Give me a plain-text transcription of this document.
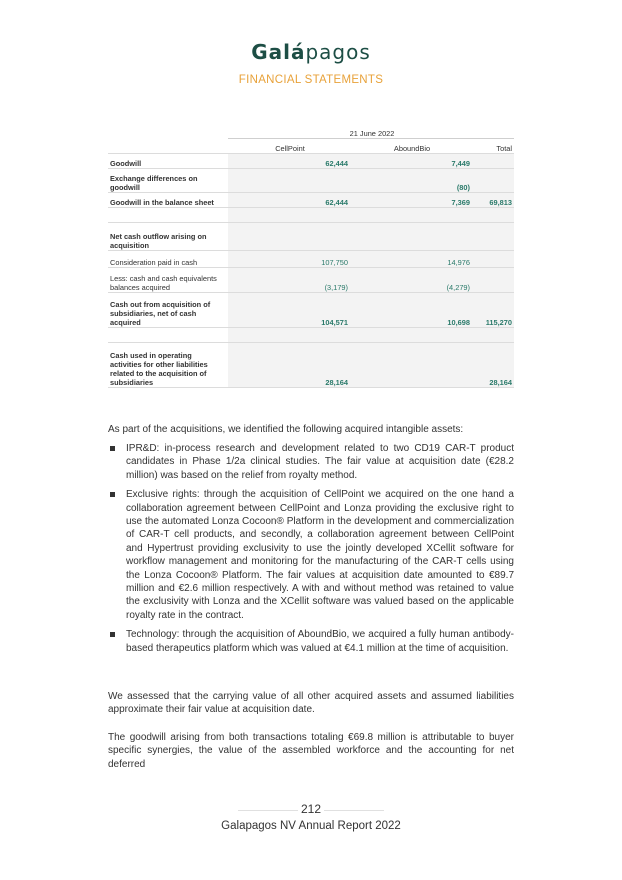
Galápagos
FINANCIAL STATEMENTS
	21 June 2022		
	CellPoint	AboundBio	Total
Goodwill	62,444	7,449	
Exchange differences on
goodwill		(80)	
Goodwill in the balance sheet	62,444	7,369	69,813

Net cash outflow arising on
acquisition			
Consideration paid in cash	107,750	14,976	
Less: cash and cash equivalents
balances acquired	(3,179)	(4,279)	
Cash out from acquisition of
subsidiaries, net of cash
acquired	104,571	10,698	115,270

Cash used in operating
activities for other liabilities
related to the acquisition of
subsidiaries	28,164		28,164

As part of the acquisitions, we identified the following acquired intangible assets:

IPR&D: in-process research and development related to two CD19 CAR-T product candidates in Phase 1/2a clinical studies. The fair value at acquisition date (€28.2 million) was based on the relief from royalty method.
Exclusive rights: through the acquisition of CellPoint we acquired on the one hand a collaboration agreement between CellPoint and Lonza providing the exclusive right to use the automated Lonza Cocoon® Platform in the development and commercialization of CAR-T cell products, and secondly, a collaboration agreement between CellPoint and Hypertrust providing exclusivity to use the jointly developed XCellit software for workflow management and monitoring for the manufacturing of the CAR-T cells using the Lonza Cocoon® Platform. The fair values at acquisition date amounted to €89.7 million and €2.6 million respectively. A with and without method was retained to value the exclusivity with Lonza and the XCellit software was valued based on the applicable royalty rate in the contract.
Technology: through the acquisition of AboundBio, we acquired a fully human antibody-based therapeutics platform which was valued at €4.1 million at the time of acquisition.

We assessed that the carrying value of all other acquired assets and assumed liabilities approximate their fair value at acquisition date.

The goodwill arising from both transactions totaling €69.8 million is attributable to buyer specific synergies, the value of the assembled workforce and the accounting for net deferred

212
Galapagos NV Annual Report 2022
